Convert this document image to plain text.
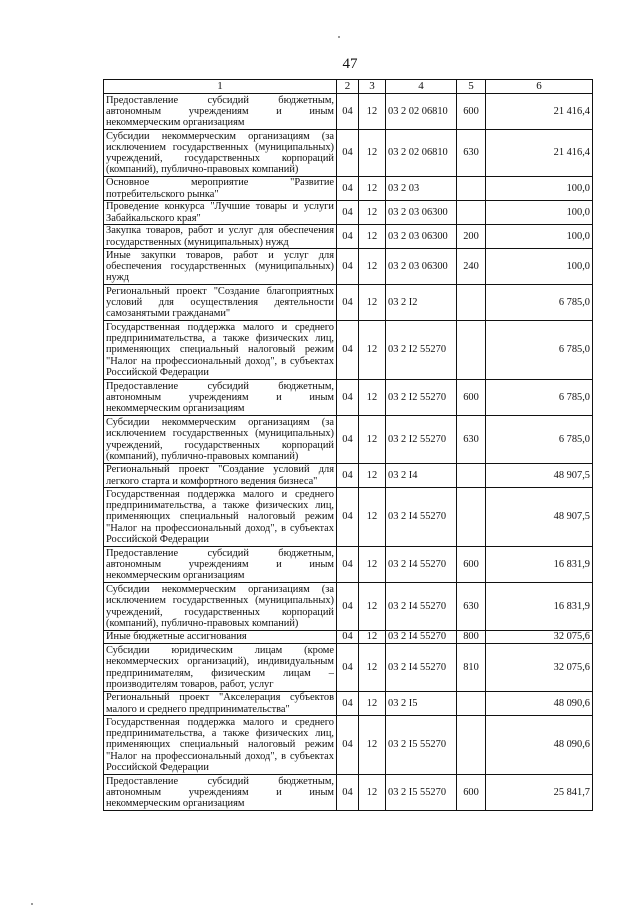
47
1	2	3	4	5	6
Предоставление субсидий бюджетным, автономным учреждениям и иным некоммерческим организациям	04	12	03 2 02 06810	600	21 416,4
Субсидии некоммерческим организациям (за исключением государственных (муниципальных) учреждений, государственных корпораций (компаний), публично-правовых компаний)	04	12	03 2 02 06810	630	21 416,4
Основное мероприятие "Развитие потребительского рынка"	04	12	03 2 03		100,0
Проведение конкурса "Лучшие товары и услуги Забайкальского края"	04	12	03 2 03 06300		100,0
Закупка товаров, работ и услуг для обеспечения государственных (муниципальных) нужд	04	12	03 2 03 06300	200	100,0
Иные закупки товаров, работ и услуг для обеспечения государственных (муниципальных) нужд	04	12	03 2 03 06300	240	100,0
Региональный проект "Создание благоприятных условий для осуществления деятельности самозанятыми гражданами"	04	12	03 2 I2		6 785,0
Государственная поддержка малого и среднего предпринимательства, а также физических лиц, применяющих специальный налоговый режим "Налог на профессиональный доход", в субъектах Российской Федерации	04	12	03 2 I2 55270		6 785,0
Предоставление субсидий бюджетным, автономным учреждениям и иным некоммерческим организациям	04	12	03 2 I2 55270	600	6 785,0
Субсидии некоммерческим организациям (за исключением государственных (муниципальных) учреждений, государственных корпораций (компаний), публично-правовых компаний)	04	12	03 2 I2 55270	630	6 785,0
Региональный проект "Создание условий для легкого старта и комфортного ведения бизнеса"	04	12	03 2 I4		48 907,5
Государственная поддержка малого и среднего предпринимательства, а также физических лиц, применяющих специальный налоговый режим "Налог на профессиональный доход", в субъектах Российской Федерации	04	12	03 2 I4 55270		48 907,5
Предоставление субсидий бюджетным, автономным учреждениям и иным некоммерческим организациям	04	12	03 2 I4 55270	600	16 831,9
Субсидии некоммерческим организациям (за исключением государственных (муниципальных) учреждений, государственных корпораций (компаний), публично-правовых компаний)	04	12	03 2 I4 55270	630	16 831,9
Иные бюджетные ассигнования	04	12	03 2 I4 55270	800	32 075,6
Субсидии юридическим лицам (кроме некоммерческих организаций), индивидуальным предпринимателям, физическим лицам – производителям товаров, работ, услуг	04	12	03 2 I4 55270	810	32 075,6
Региональный проект "Акселерация субъектов малого и среднего предпринимательства"	04	12	03 2 I5		48 090,6
Государственная поддержка малого и среднего предпринимательства, а также физических лиц, применяющих специальный налоговый режим "Налог на профессиональный доход", в субъектах Российской Федерации	04	12	03 2 I5 55270		48 090,6
Предоставление субсидий бюджетным, автономным учреждениям и иным некоммерческим организациям	04	12	03 2 I5 55270	600	25 841,7
